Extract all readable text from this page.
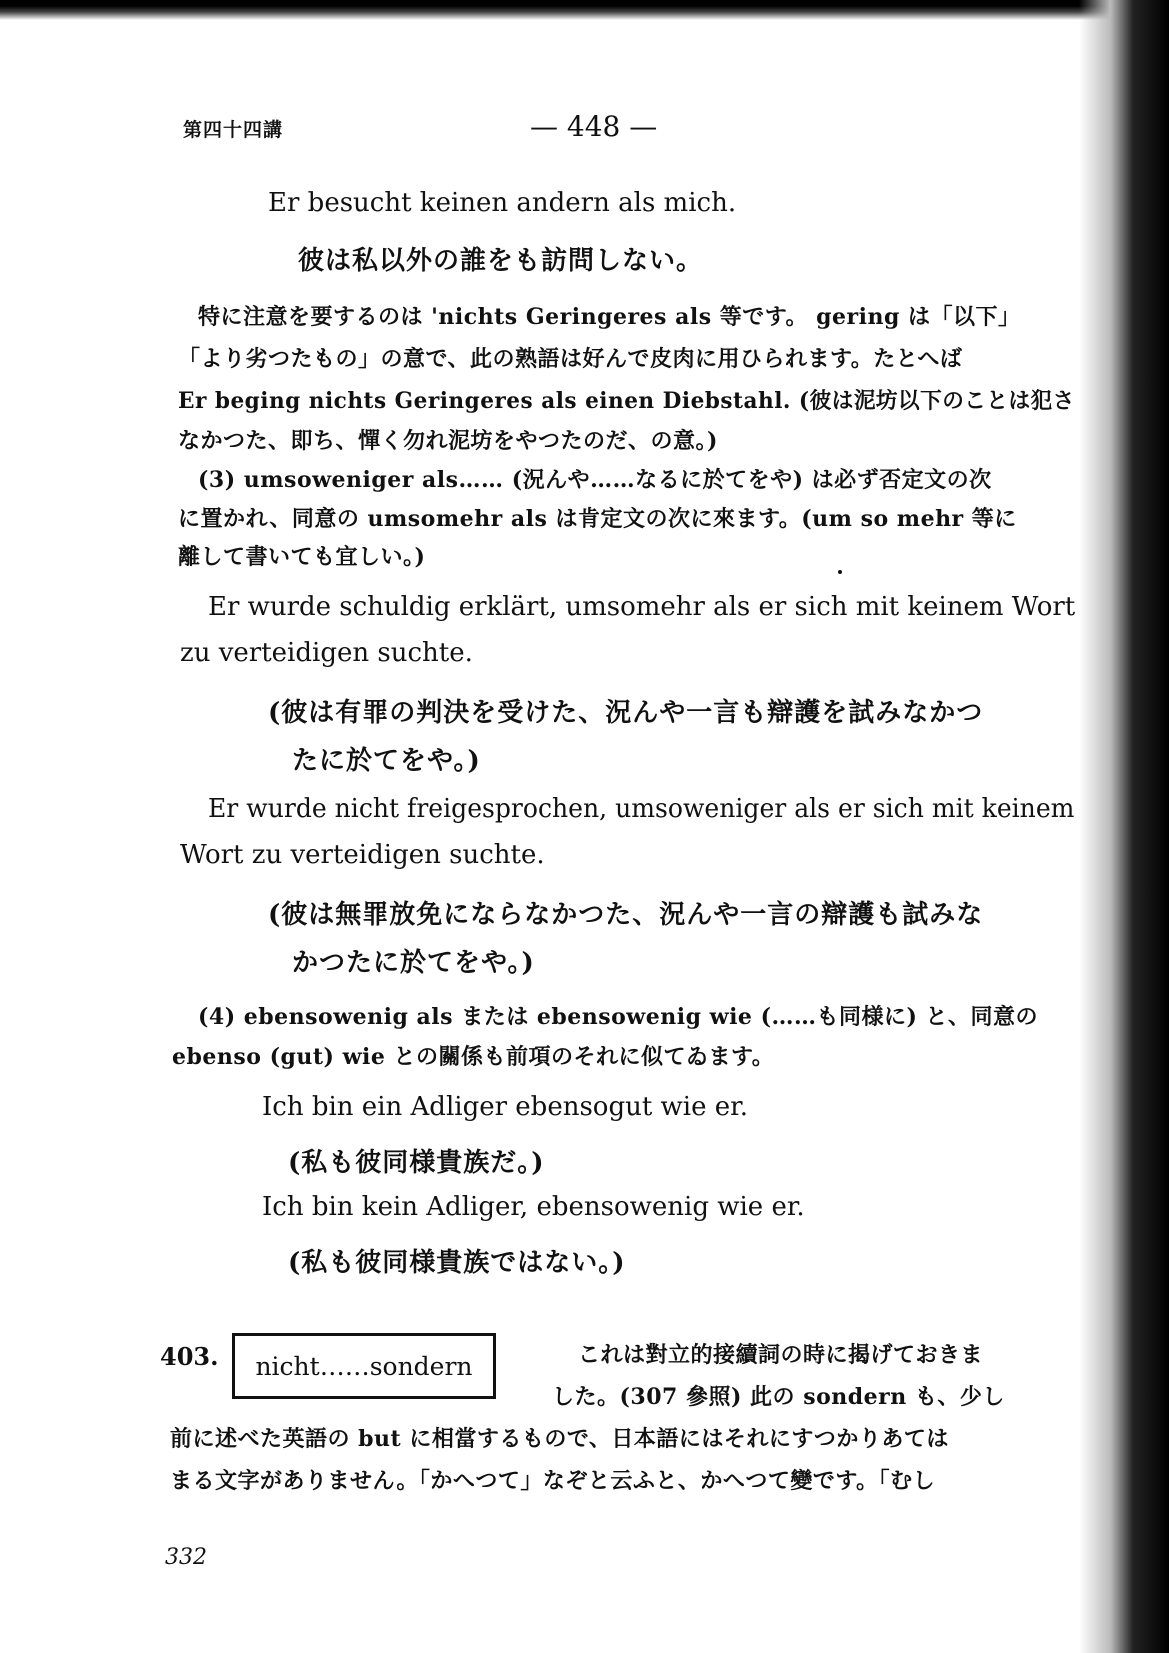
第四十四講	— 448 —
Er besucht keinen andern als mich.
彼は私以外の誰をも訪問しない。
特に注意を要するのは 'nichts Geringeres als 等です。 gering は「以下」
「より劣つたもの」の意で、此の熟語は好んで皮肉に用ひられます。たとへば
Er beging nichts Geringeres als einen Diebstahl. (彼は泥坊以下のことは犯さ
なかつた、即ち、憚く勿れ泥坊をやつたのだ、の意。)
(3) umsoweniger als…… (況んや……なるに於てをや) は必ず否定文の次
に置かれ、同意の umsomehr als は肯定文の次に來ます。(um so mehr 等に
離して書いても宜しい。)
Er wurde schuldig erklärt, umsomehr als er sich mit keinem Wort
zu verteidigen suchte.
(彼は有罪の判決を受けた、況んや一言も辯護を試みなかつ
たに於てをや。)
Er wurde nicht freigesprochen, umsoweniger als er sich mit keinem
Wort zu verteidigen suchte.
(彼は無罪放免にならなかつた、況んや一言の辯護も試みな
かつたに於てをや。)
(4) ebensowenig als または ebensowenig wie (……も同様に) と、同意の
ebenso (gut) wie との關係も前項のそれに似てゐます。
Ich bin ein Adliger ebensogut wie er.
(私も彼同様貴族だ。)
Ich bin kein Adliger, ebensowenig wie er.
(私も彼同様貴族ではない。)
403.	nicht……sondern	これは對立的接續詞の時に揭げておきま
した。(307 參照) 此の sondern も、少し
前に述べた英語の but に相當するもので、日本語にはそれにすつかりあては
まる文字がありません。「かへつて」なぞと云ふと、かへつて變です。「むし
332
